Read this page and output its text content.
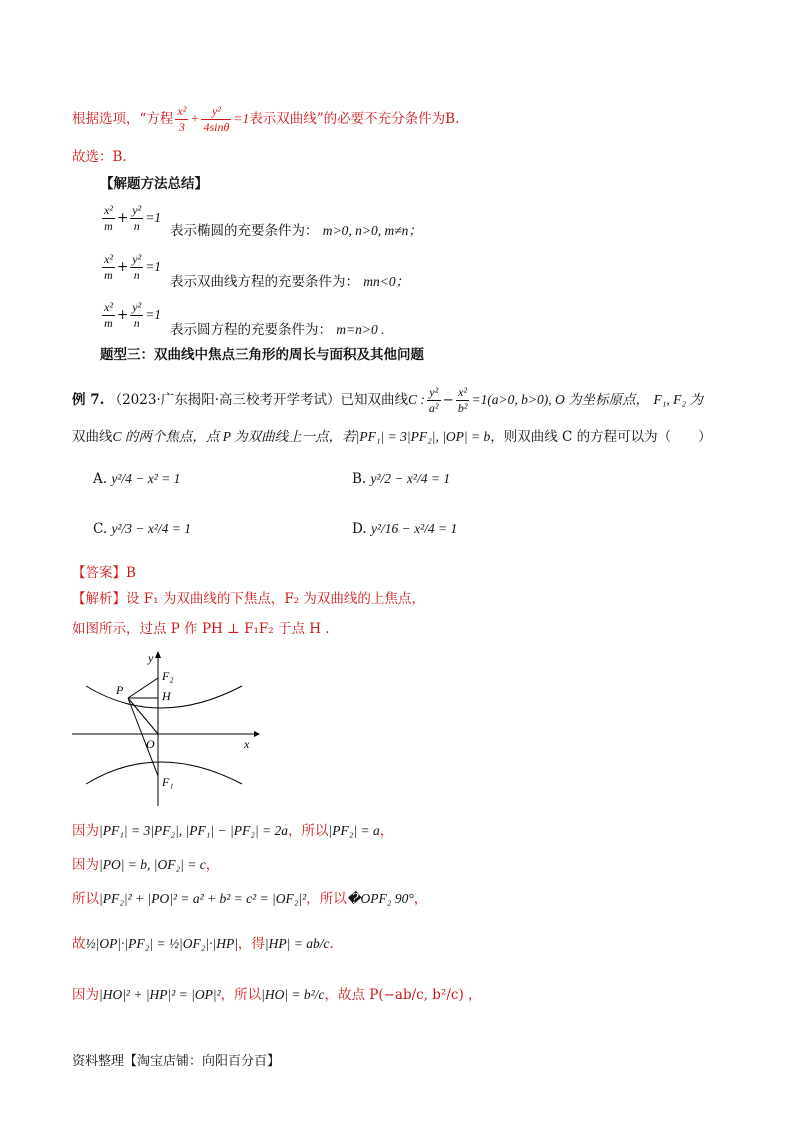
根据选项，“方程 $\frac{\text{x²}}{3} + \frac{\text{y²}}{4\sin\theta} =1$表示双曲线”的必要不充分条件为B.
故选：B.
【解题方法总结】
$\frac{\text{x²}}{m} + \frac{\text{y²}}{n} =1$
表示椭圆的充要条件为： m>0, n>0, m≠n；
$\frac{\text{x²}}{m} + \frac{\text{y²}}{n} =1$
表示双曲线方程的充要条件为： mn<0；
$\frac{\text{x²}}{m} + \frac{\text{y²}}{n} =1$
表示圆方程的充要条件为： m=n>0 .
题型三：双曲线中焦点三角形的周长与面积及其他问题
例 7. （2023·广东揭阳·高三校考开学考试）已知双曲线C : $\frac{\text{y²}}{\text{a²}} - \frac{\text{x²}}{\text{b²}} =1(a>0$, b>0), O 为坐标原点， F₁, F₂ 为
双曲线C 的两个焦点，点 P 为双曲线上一点，若|PF₁| = 3|PF₂|, |OP| = b，则双曲线 C 的方程可以为（　　）
A. y²/4 − x² = 1	B. y²/2 − x²/4 = 1
C. y²/3 − x²/4 = 1	D. y²/16 − x²/4 = 1
【答案】B
【解析】设 F₁ 为双曲线的下焦点，F₂ 为双曲线的上焦点，
如图所示，过点 P 作 PH ⊥ F₁F₂ 于点 H .
y
x
P	H
F₂
F₁
O
因为|PF₁| = 3|PF₂|, |PF₁| − |PF₂| = 2a，所以|PF₂| = a，
因为|PO| = b, |OF₂| = c，
所以|PF₂|² + |PO|² = a² + b² = c² = |OF₂|²，所以�OPF₂ 90°，
故½|OP|·|PF₂| = ½|OF₂|·|HP|，得|HP| = ab/c.
因为|HO|² + |HP|² = |OP|²，所以|HO| = b²/c，故点 P(−ab/c, b²/c) ，
资料整理【淘宝店铺：向阳百分百】
